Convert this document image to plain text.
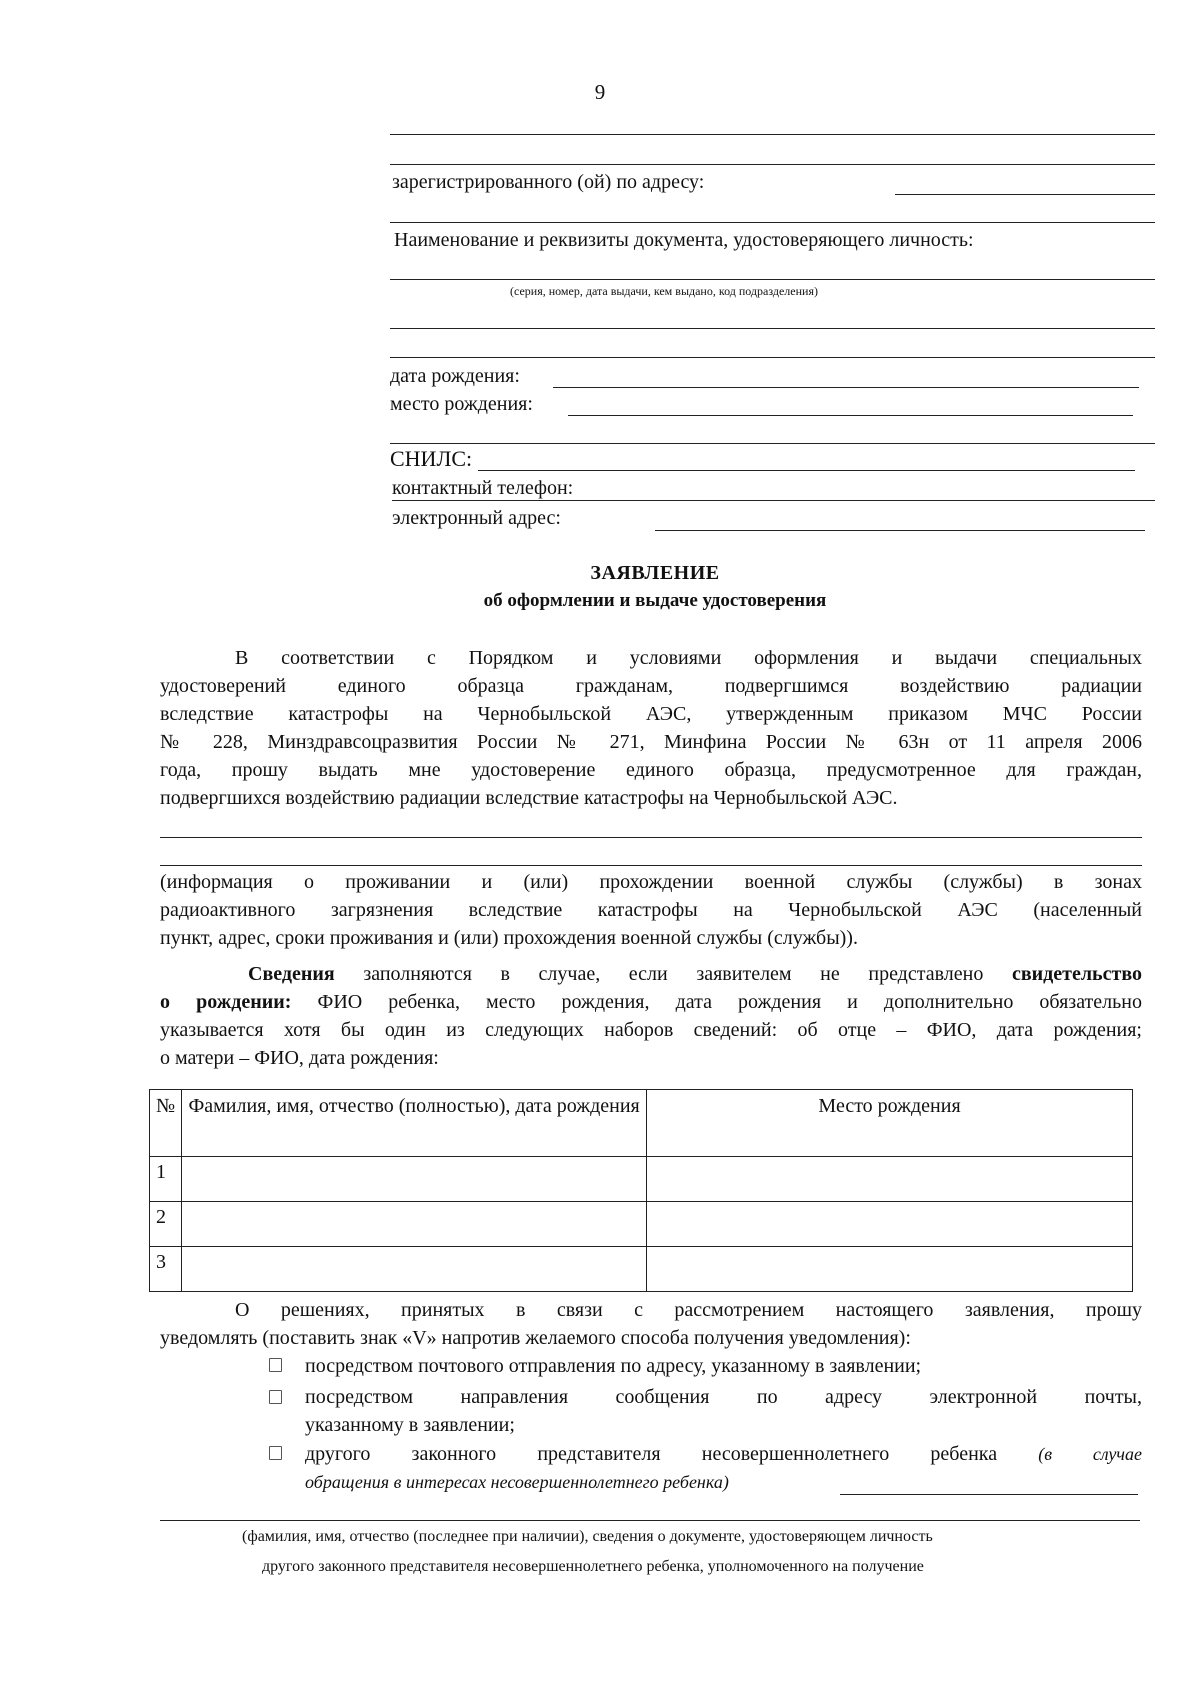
9
зарегистрированного (ой) по адресу:
Наименование и реквизиты документа, удостоверяющего личность:
(серия, номер, дата выдачи, кем выдано, код подразделения)
дата рождения:
место рождения:
СНИЛС:
контактный телефон:
электронный адрес:
ЗАЯВЛЕНИЕ
об оформлении и выдаче удостоверения
В соответствии с Порядком и условиями оформления и выдачи специальных
удостоверений единого образца гражданам, подвергшимся воздействию радиации
вследствие катастрофы на Чернобыльской АЭС, утвержденным приказом МЧС России
№ 228, Минздравсоцразвития России № 271, Минфина России № 63н от 11 апреля 2006
года, прошу выдать мне удостоверение единого образца, предусмотренное для граждан,
подвергшихся воздействию радиации вследствие катастрофы на Чернобыльской АЭС.
(информация о проживании и (или) прохождении военной службы (службы) в зонах
радиоактивного загрязнения вследствие катастрофы на Чернобыльской АЭС (населенный
пункт, адрес, сроки проживания и (или) прохождения военной службы (службы)).
Сведения заполняются в случае, если заявителем не представлено свидетельство
о рождении: ФИО ребенка, место рождения, дата рождения и дополнительно обязательно
указывается хотя бы один из следующих наборов сведений: об отце – ФИО, дата рождения;
о матери – ФИО, дата рождения:
№	Фамилия, имя, отчество (полностью), дата рождения	Место рождения
1		
2		
3		
О решениях, принятых в связи с рассмотрением настоящего заявления, прошу
уведомлять (поставить знак «V» напротив желаемого способа получения уведомления):
посредством почтового отправления по адресу, указанному в заявлении;
посредством направления сообщения по адресу электронной почты,
указанному в заявлении;
другого законного представителя несовершеннолетнего ребенка (в случае
обращения в интересах несовершеннолетнего ребенка)
(фамилия, имя, отчество (последнее при наличии), сведения о документе, удостоверяющем личность
другого законного представителя несовершеннолетнего ребенка, уполномоченного на получение
